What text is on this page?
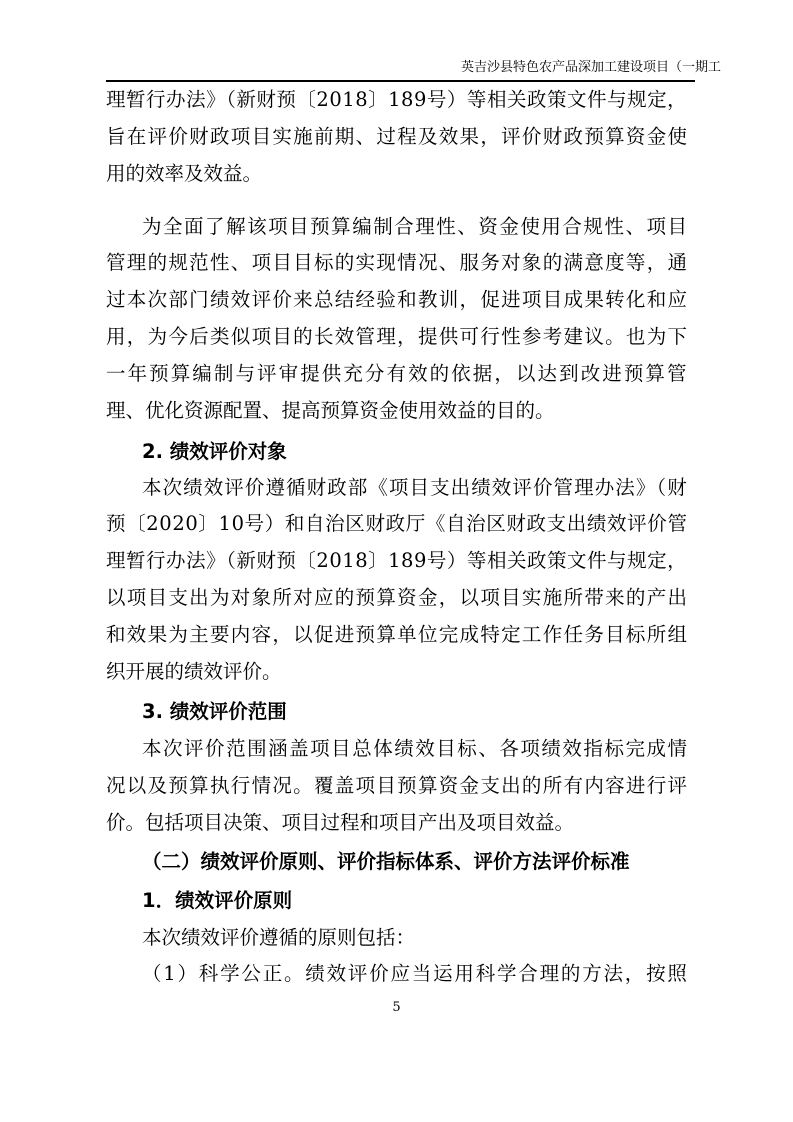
英吉沙县特色农产品深加工建设项目（一期工
理暂行办法》（新财预〔2018〕189号）等相关政策文件与规定，
旨在评价财政项目实施前期、过程及效果，评价财政预算资金使
用的效率及效益。
为全面了解该项目预算编制合理性、资金使用合规性、项目
管理的规范性、项目目标的实现情况、服务对象的满意度等，通
过本次部门绩效评价来总结经验和教训，促进项目成果转化和应
用，为今后类似项目的长效管理，提供可行性参考建议。也为下
一年预算编制与评审提供充分有效的依据，以达到改进预算管
理、优化资源配置、提高预算资金使用效益的目的。
2. 绩效评价对象
本次绩效评价遵循财政部《项目支出绩效评价管理办法》（财
预〔2020〕10号）和自治区财政厅《自治区财政支出绩效评价管
理暂行办法》（新财预〔2018〕189号）等相关政策文件与规定，
以项目支出为对象所对应的预算资金，以项目实施所带来的产出
和效果为主要内容，以促进预算单位完成特定工作任务目标所组
织开展的绩效评价。
3. 绩效评价范围
本次评价范围涵盖项目总体绩效目标、各项绩效指标完成情
况以及预算执行情况。覆盖项目预算资金支出的所有内容进行评
价。包括项目决策、项目过程和项目产出及项目效益。
（二）绩效评价原则、评价指标体系、评价方法评价标准
1．绩效评价原则
本次绩效评价遵循的原则包括：
（1）科学公正。绩效评价应当运用科学合理的方法，按照
5
